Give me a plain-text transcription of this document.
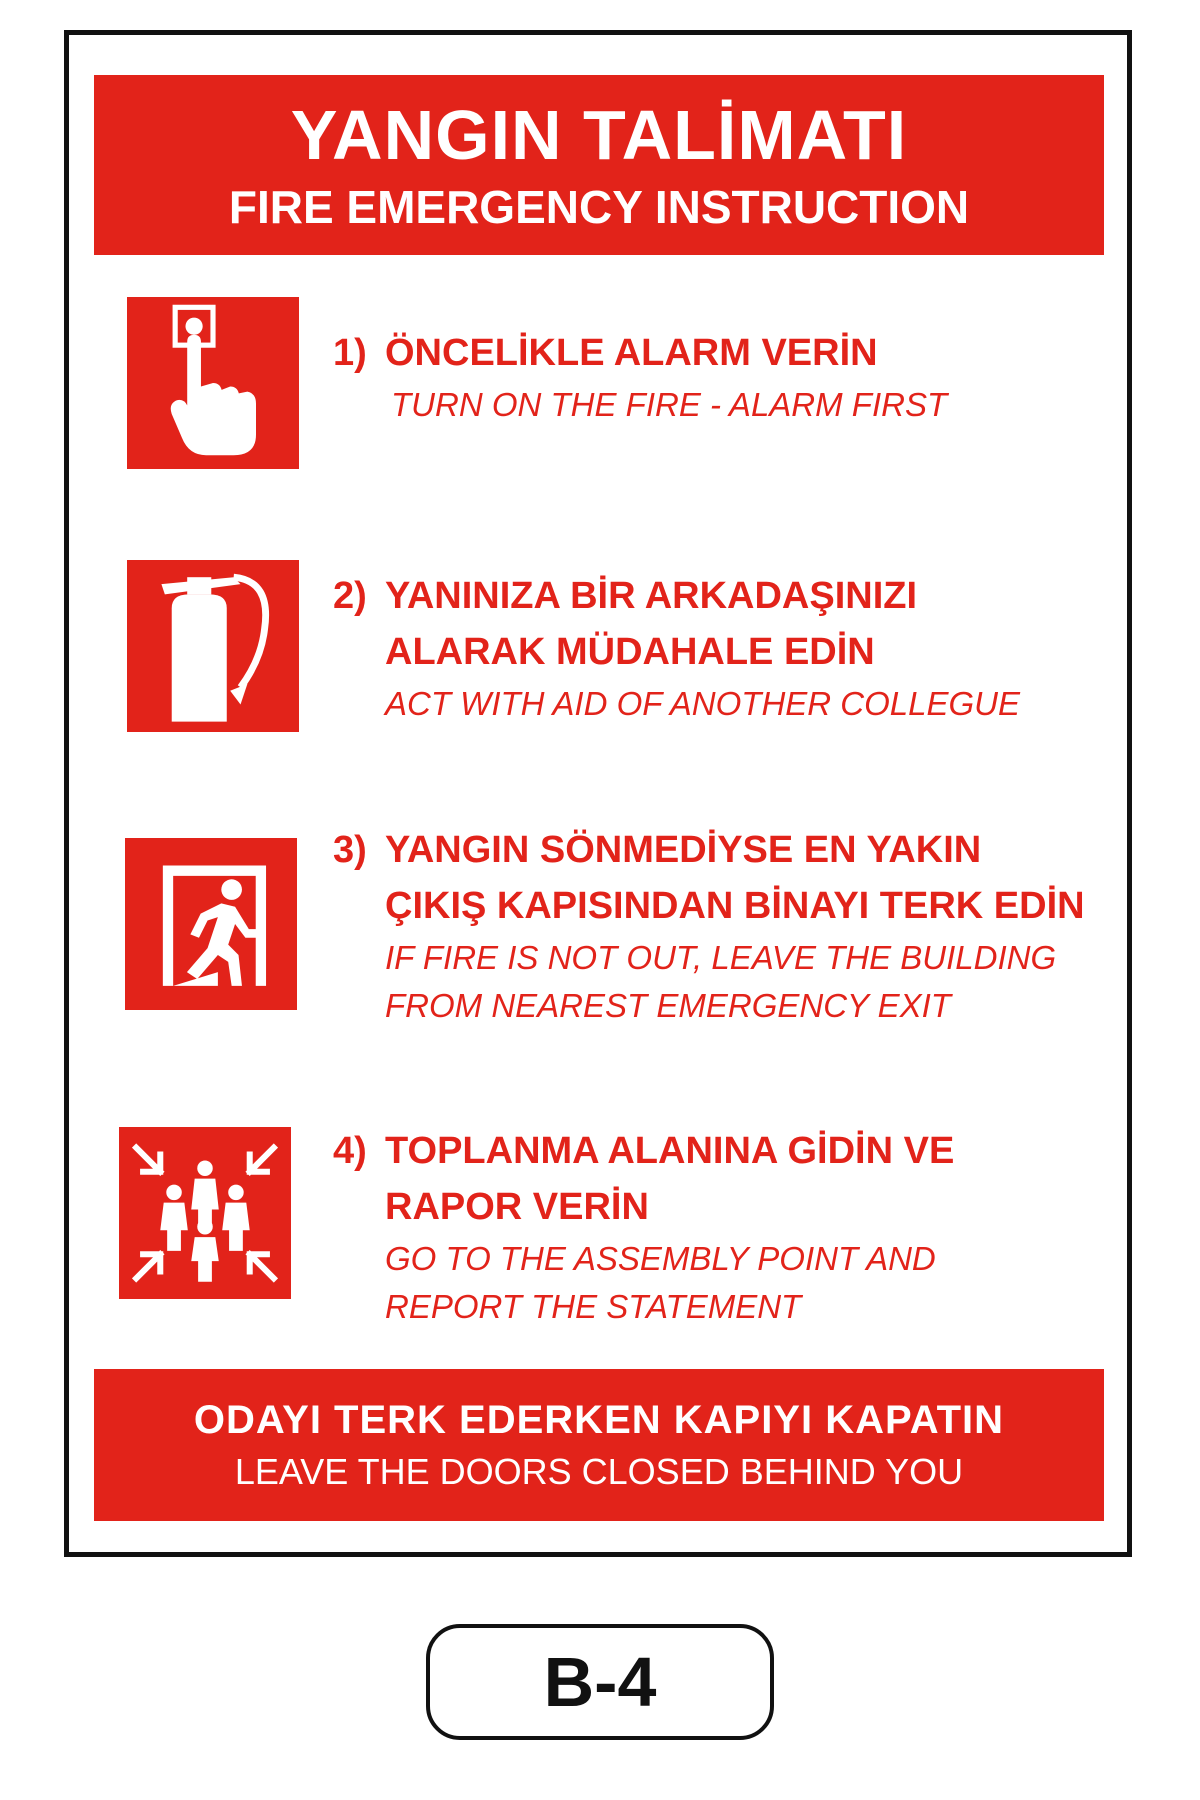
YANGIN TALİMATI
FIRE EMERGENCY INSTRUCTION
1) ÖNCELİKLE ALARM VERİN
TURN ON THE FIRE - ALARM FIRST
2) YANINIZA BİR ARKADAŞINIZI
ALARAK MÜDAHALE EDİN
ACT WITH AID OF ANOTHER COLLEGUE
3) YANGIN SÖNMEDİYSE EN YAKIN
ÇIKIŞ KAPISINDAN BİNAYI TERK EDİN
IF FIRE IS NOT OUT, LEAVE THE BUILDING
FROM NEAREST EMERGENCY EXIT
4) TOPLANMA ALANINA GİDİN VE
RAPOR VERİN
GO TO THE ASSEMBLY POINT AND
REPORT THE STATEMENT
ODAYI TERK EDERKEN KAPIYI KAPATIN
LEAVE THE DOORS CLOSED BEHIND YOU
B-4
